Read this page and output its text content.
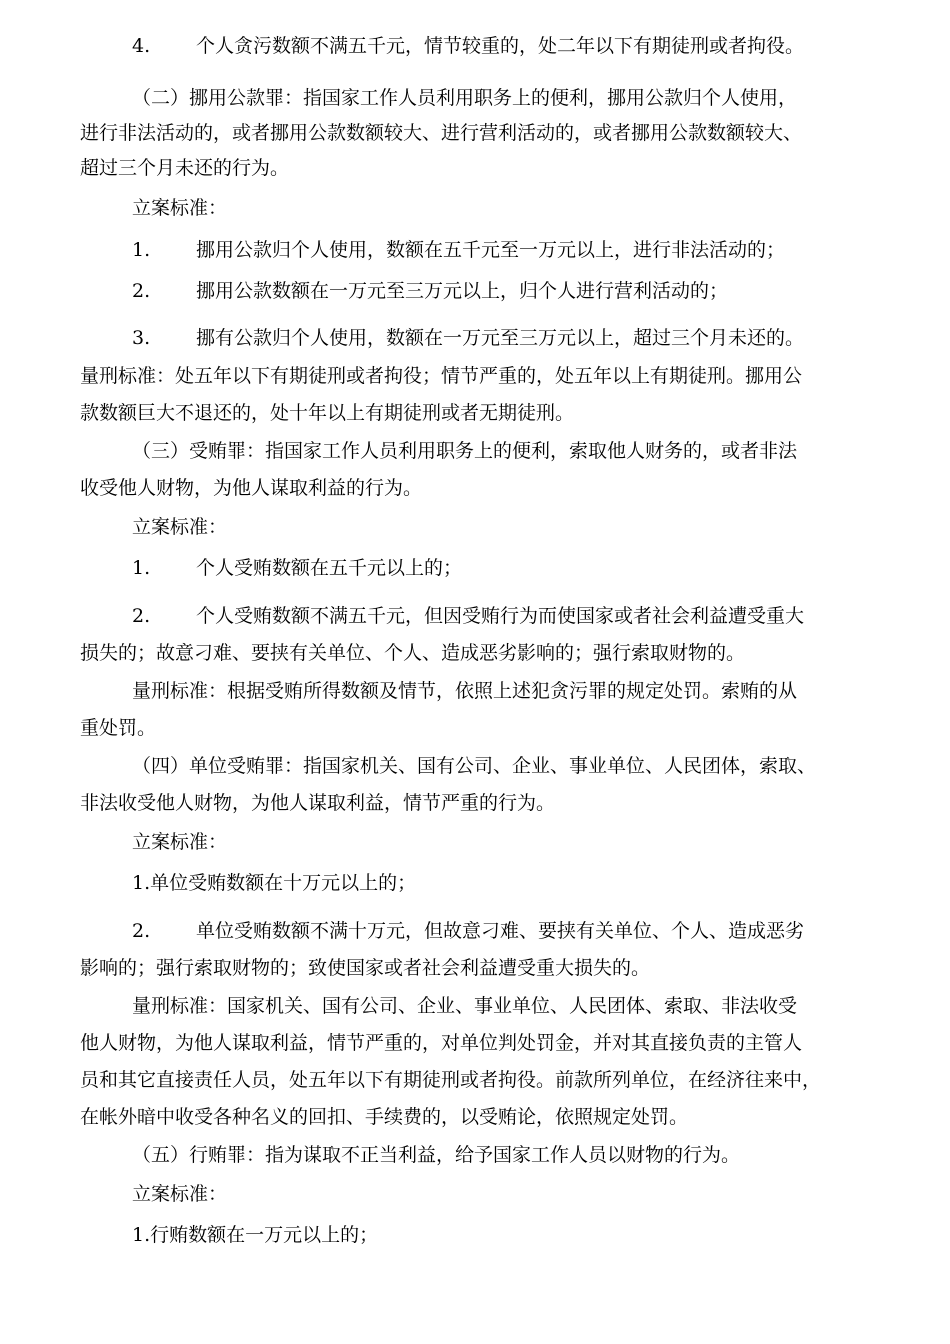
4. 个人贪污数额不满五千元，情节较重的，处二年以下有期徒刑或者拘役。
（二）挪用公款罪：指国家工作人员利用职务上的便利，挪用公款归个人使用，
进行非法活动的，或者挪用公款数额较大、进行营利活动的，或者挪用公款数额较大、
超过三个月未还的行为。
立案标准：
1. 挪用公款归个人使用，数额在五千元至一万元以上，进行非法活动的；
2. 挪用公款数额在一万元至三万元以上，归个人进行营利活动的；
3. 挪有公款归个人使用，数额在一万元至三万元以上，超过三个月未还的。
量刑标准：处五年以下有期徒刑或者拘役；情节严重的，处五年以上有期徒刑。挪用公
款数额巨大不退还的，处十年以上有期徒刑或者无期徒刑。
（三）受贿罪：指国家工作人员利用职务上的便利，索取他人财务的，或者非法
收受他人财物，为他人谋取利益的行为。
立案标准：
1. 个人受贿数额在五千元以上的；
2. 个人受贿数额不满五千元，但因受贿行为而使国家或者社会利益遭受重大
损失的；故意刁难、要挟有关单位、个人、造成恶劣影响的；强行索取财物的。
量刑标准：根据受贿所得数额及情节，依照上述犯贪污罪的规定处罚。索贿的从
重处罚。
（四）单位受贿罪：指国家机关、国有公司、企业、事业单位、人民团体，索取、
非法收受他人财物，为他人谋取利益，情节严重的行为。
立案标准：
1.单位受贿数额在十万元以上的；
2. 单位受贿数额不满十万元，但故意刁难、要挟有关单位、个人、造成恶劣
影响的；强行索取财物的；致使国家或者社会利益遭受重大损失的。
量刑标准：国家机关、国有公司、企业、事业单位、人民团体、索取、非法收受
他人财物，为他人谋取利益，情节严重的，对单位判处罚金，并对其直接负责的主管人
员和其它直接责任人员，处五年以下有期徒刑或者拘役。前款所列单位，在经济往来中，
在帐外暗中收受各种名义的回扣、手续费的，以受贿论，依照规定处罚。
（五）行贿罪：指为谋取不正当利益，给予国家工作人员以财物的行为。
立案标准：
1.行贿数额在一万元以上的；
